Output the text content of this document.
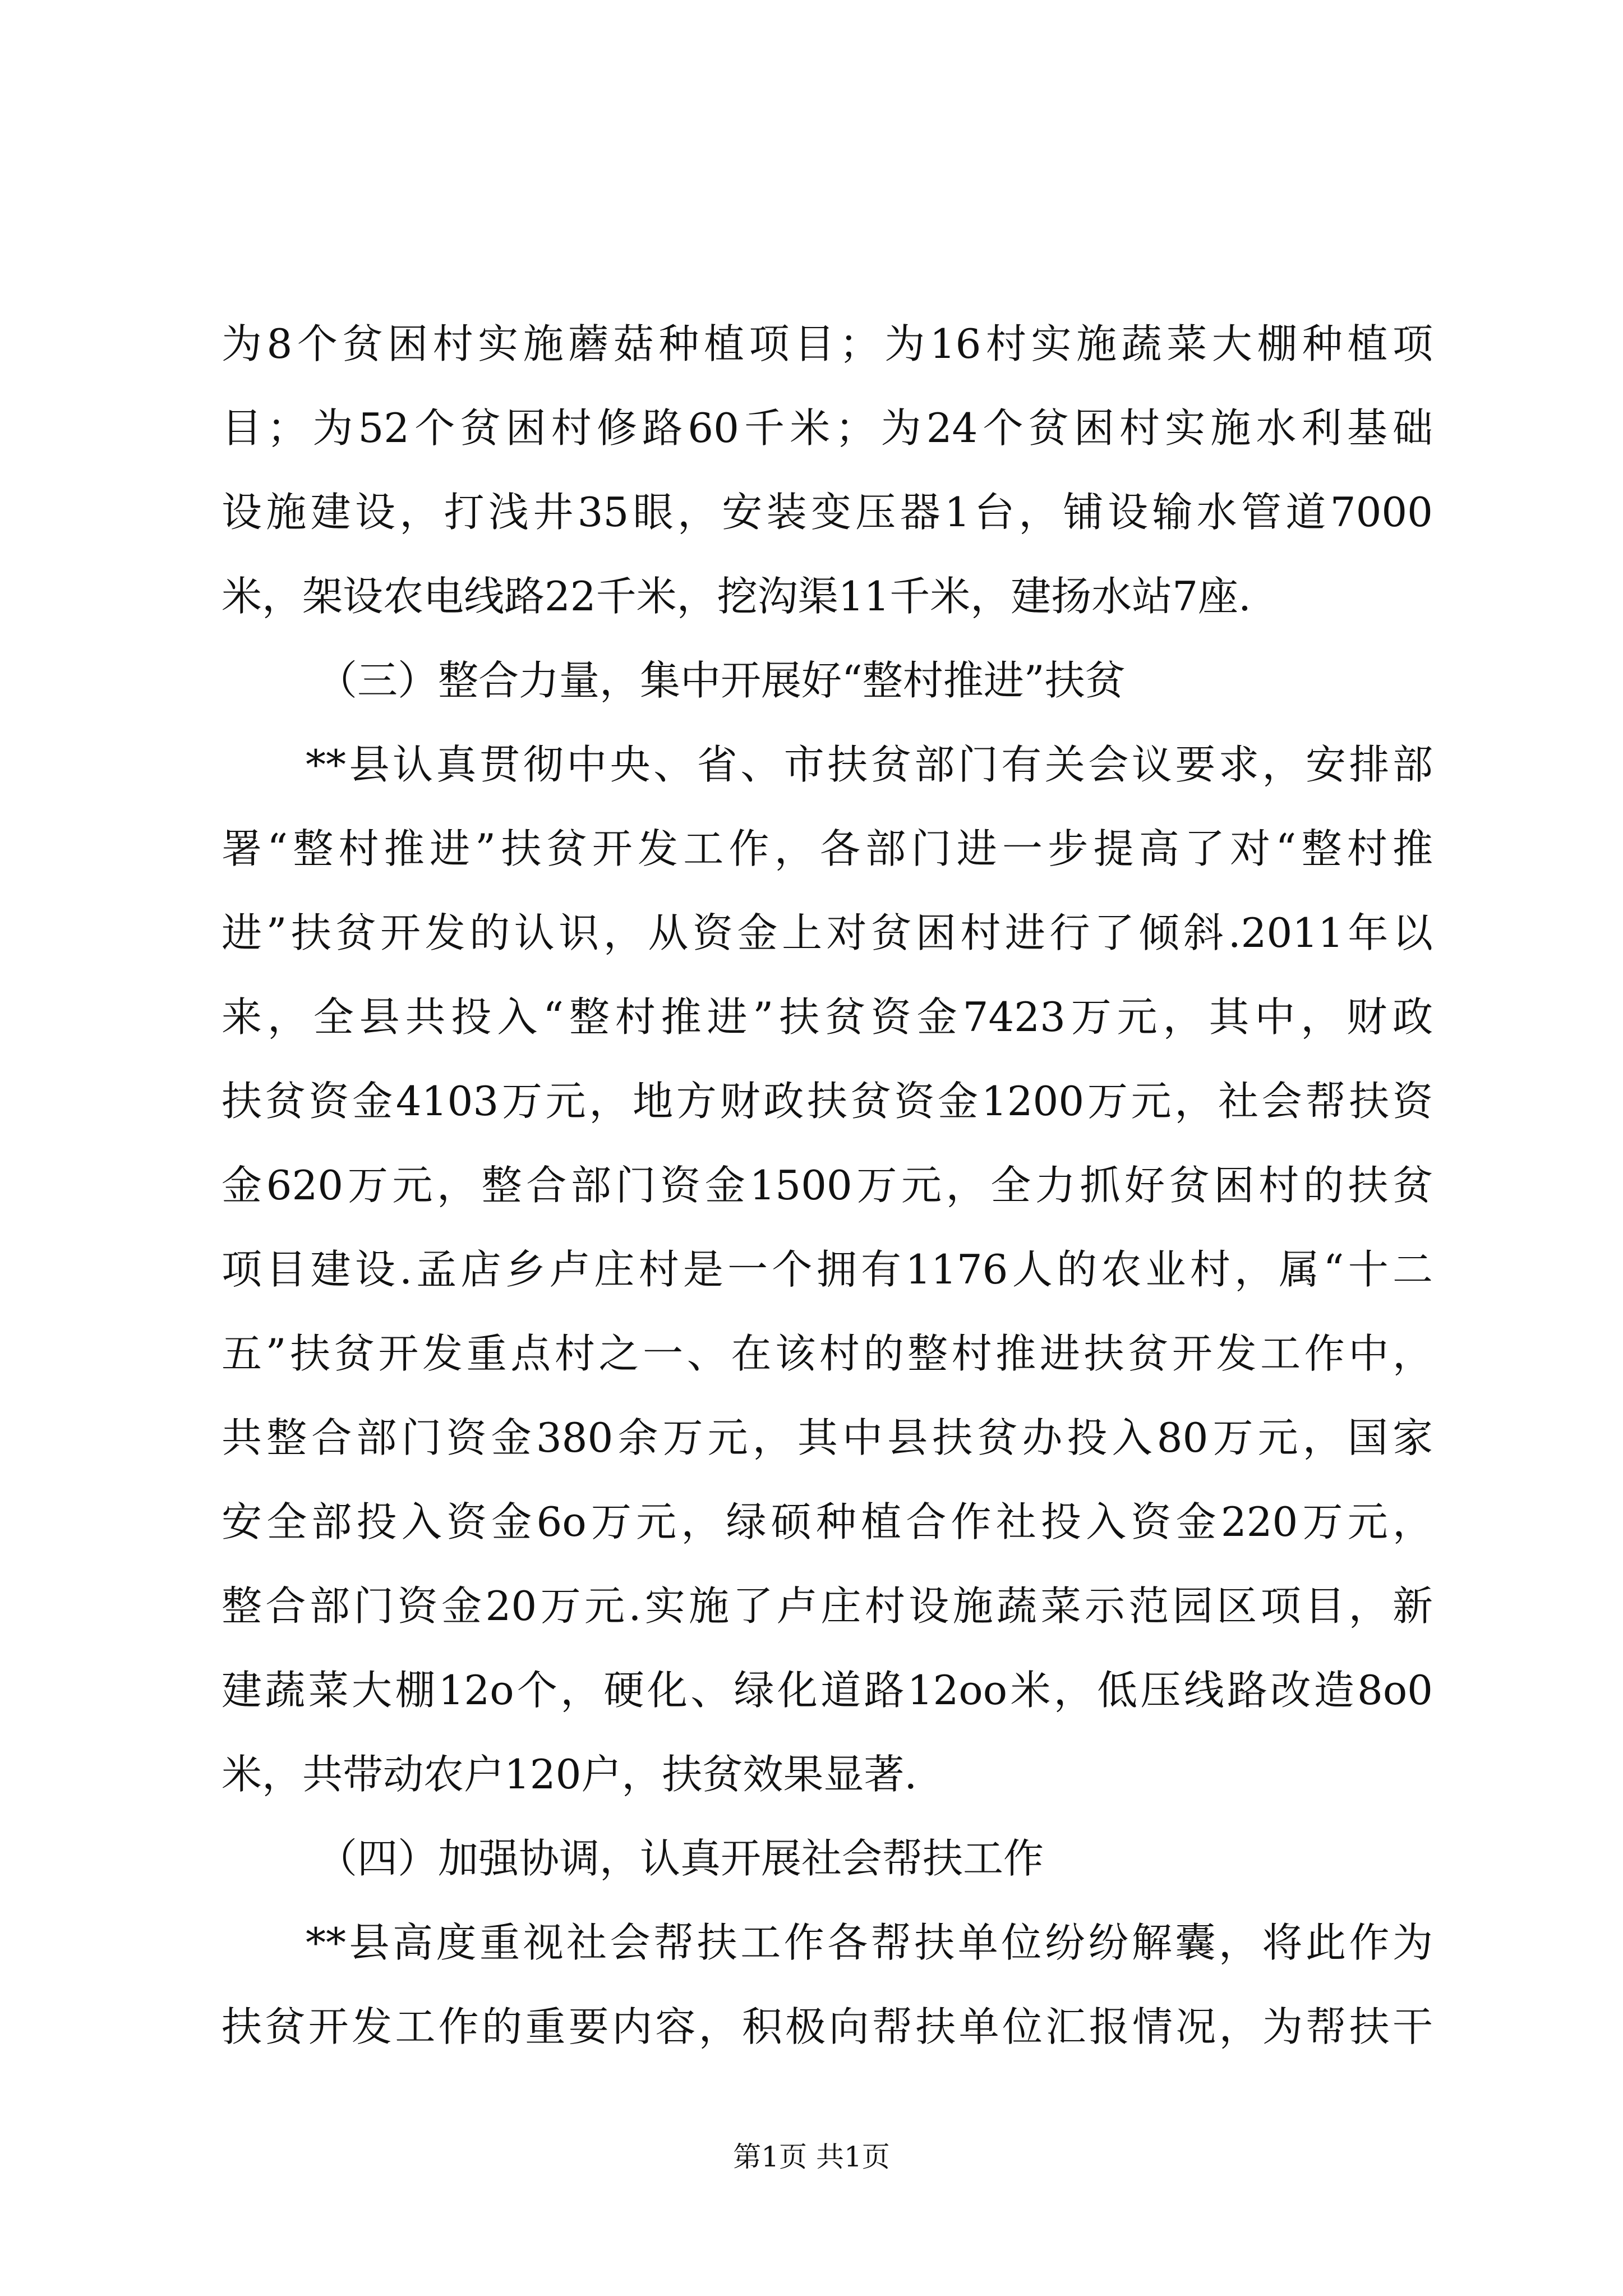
为8个贫困村实施蘑菇种植项目；为16村实施蔬菜大棚种植项
目；为52个贫困村修路60千米；为24个贫困村实施水利基础
设施建设，打浅井35眼，安装变压器1台，铺设输水管道7000
米，架设农电线路22千米，挖沟渠11千米，建扬水站7座.
（三）整合力量，集中开展好“整村推进”扶贫
**县认真贯彻中央、省、市扶贫部门有关会议要求，安排部
署“整村推进”扶贫开发工作，各部门进一步提高了对“整村推
进”扶贫开发的认识，从资金上对贫困村进行了倾斜.2011年以
来，全县共投入“整村推进”扶贫资金7423万元，其中，财政
扶贫资金4103万元，地方财政扶贫资金1200万元，社会帮扶资
金620万元，整合部门资金1500万元，全力抓好贫困村的扶贫
项目建设.孟店乡卢庄村是一个拥有1176人的农业村，属“十二
五”扶贫开发重点村之一、在该村的整村推进扶贫开发工作中，
共整合部门资金380余万元，其中县扶贫办投入80万元，国家
安全部投入资金6o万元，绿硕种植合作社投入资金220万元，
整合部门资金20万元.实施了卢庄村设施蔬菜示范园区项目，新
建蔬菜大棚12o个，硬化、绿化道路12oo米，低压线路改造8o0
米，共带动农户120户，扶贫效果显著.
（四）加强协调，认真开展社会帮扶工作
**县高度重视社会帮扶工作各帮扶单位纷纷解囊，将此作为
扶贫开发工作的重要内容，积极向帮扶单位汇报情况，为帮扶干
第1页 共1页
